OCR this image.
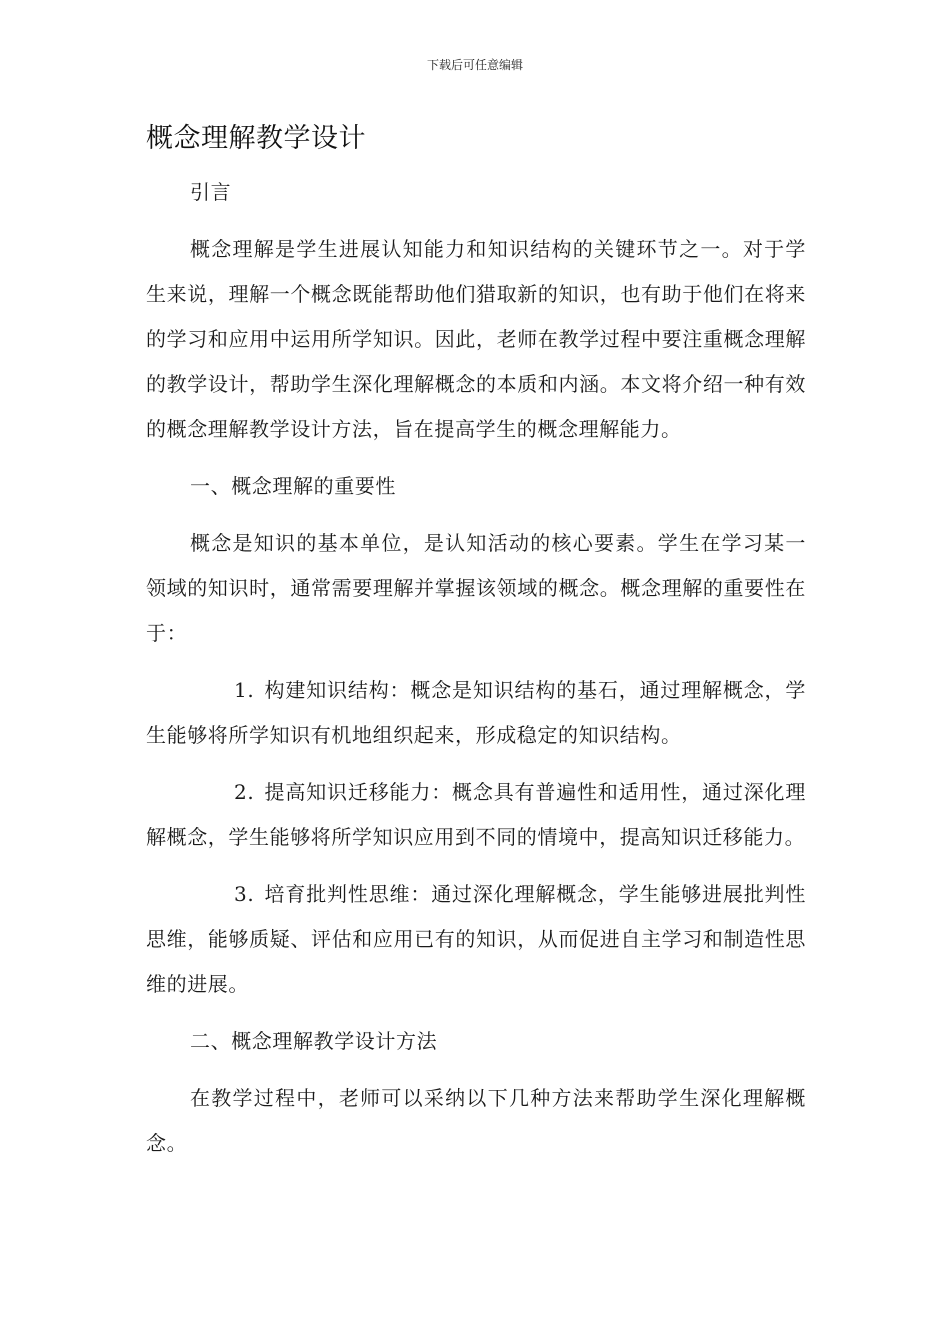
下载后可任意编辑
概念理解教学设计

引言

概念理解是学生进展认知能力和知识结构的关键环节之一。对于学生来说，理解一个概念既能帮助他们猎取新的知识，也有助于他们在将来的学习和应用中运用所学知识。因此，老师在教学过程中要注重概念理解的教学设计，帮助学生深化理解概念的本质和内涵。本文将介绍一种有效的概念理解教学设计方法，旨在提高学生的概念理解能力。

一、概念理解的重要性

概念是知识的基本单位，是认知活动的核心要素。学生在学习某一领域的知识时，通常需要理解并掌握该领域的概念。概念理解的重要性在于：

1. 构建知识结构：概念是知识结构的基石，通过理解概念，学生能够将所学知识有机地组织起来，形成稳定的知识结构。

2. 提高知识迁移能力：概念具有普遍性和适用性，通过深化理解概念，学生能够将所学知识应用到不同的情境中，提高知识迁移能力。

3. 培育批判性思维：通过深化理解概念，学生能够进展批判性思维，能够质疑、评估和应用已有的知识，从而促进自主学习和制造性思维的进展。

二、概念理解教学设计方法

在教学过程中，老师可以采纳以下几种方法来帮助学生深化理解概念。
